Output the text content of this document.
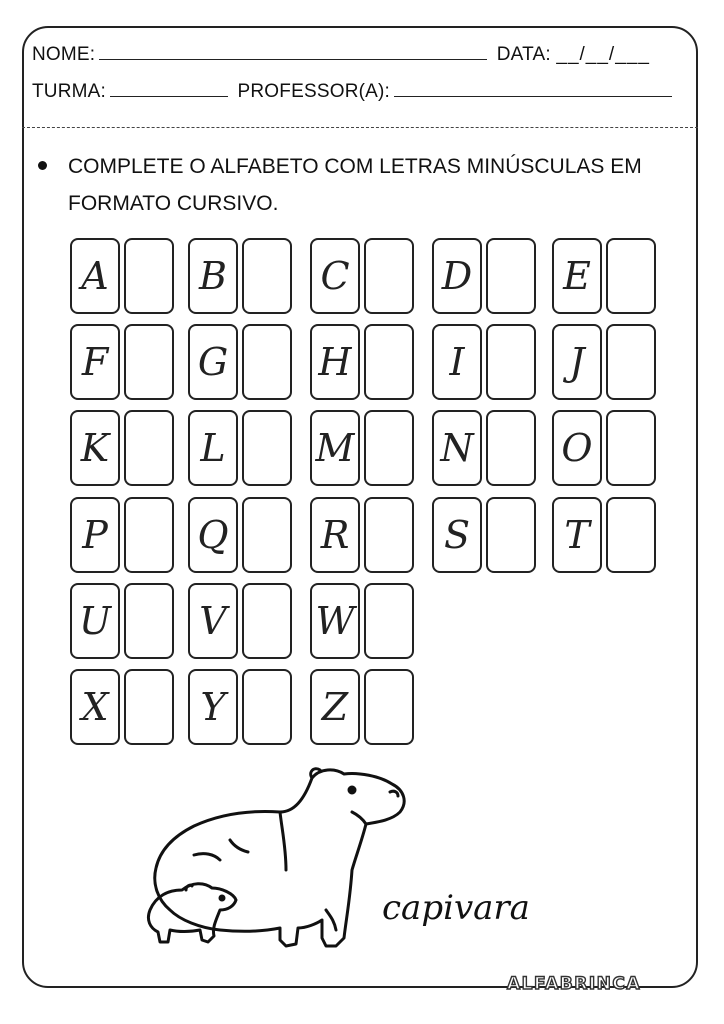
NOME:	DATA: __/__/___
TURMA:	PROFESSOR(A):
COMPLETE O ALFABETO COM LETRAS MINÚSCULAS EM FORMATO CURSIVO.
A B C D E
F G H	I	J
K L M N O
P Q R S T
U V W
X Y	Z
capivara
ALFABRINCA
